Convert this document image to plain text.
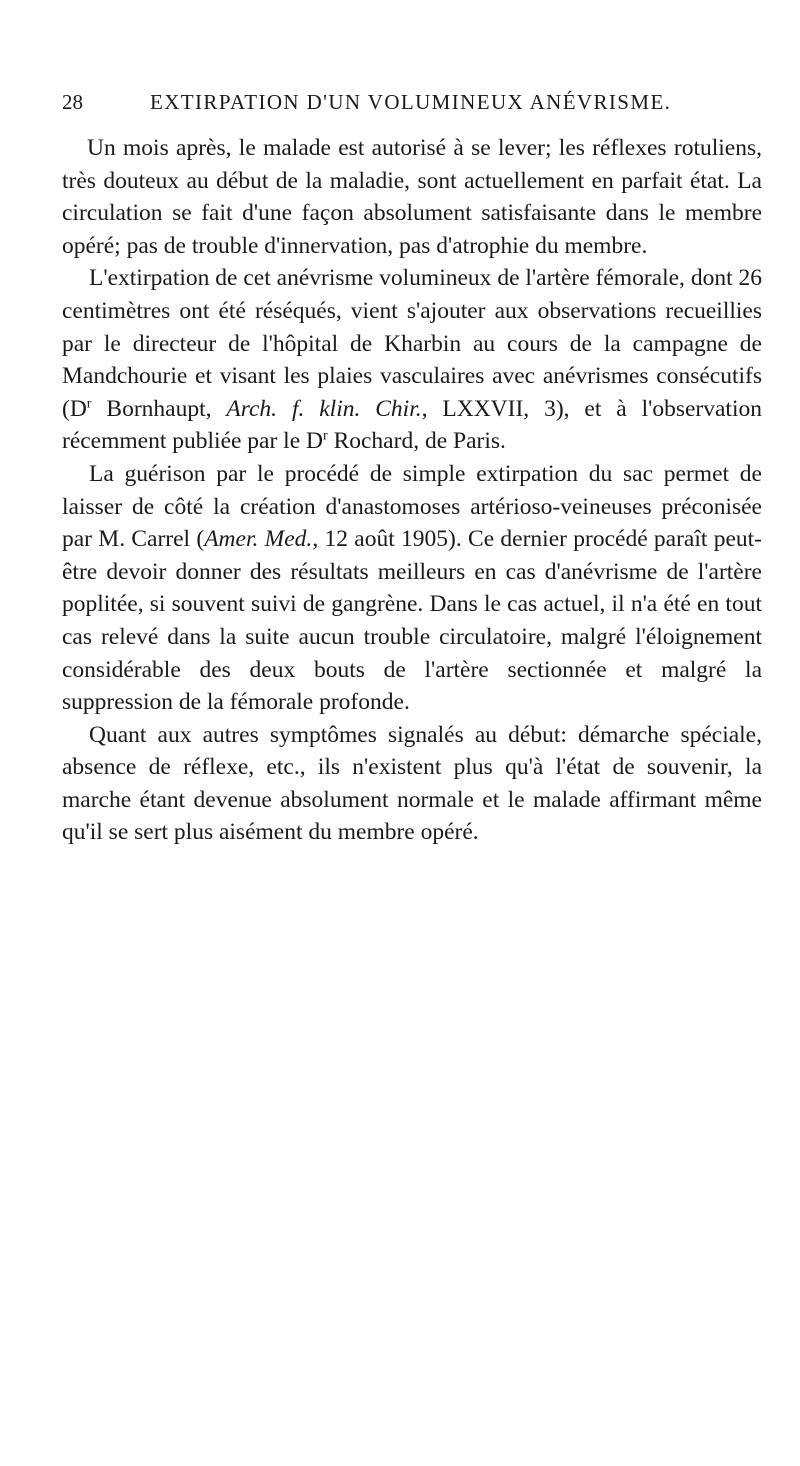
28	EXTIRPATION D'UN VOLUMINEUX ANÉVRISME.

Un mois après, le malade est autorisé à se lever; les réflexes rotuliens, très douteux au début de la maladie, sont actuellement en parfait état. La circulation se fait d'une façon absolument satisfaisante dans le membre opéré; pas de trouble d'innervation, pas d'atrophie du membre.

L'extirpation de cet anévrisme volumineux de l'artère fémorale, dont 26 centimètres ont été réséqués, vient s'ajouter aux observations recueillies par le directeur de l'hôpital de Kharbin au cours de la campagne de Mandchourie et visant les plaies vasculaires avec anévrismes consécutifs ($D^r$ Bornhaupt, Arch. f. klin. Chir., LXXVII, 3), et à l'observation récemment publiée par le $D^r$ Rochard, de Paris.

La guérison par le procédé de simple extirpation du sac permet de laisser de côté la création d'anastomoses artérioso-veineuses préconisée par M. Carrel (Amer. Med., 12 août 1905). Ce dernier procédé paraît peut-être devoir donner des résultats meilleurs en cas d'anévrisme de l'artère poplitée, si souvent suivi de gangrène. Dans le cas actuel, il n'a été en tout cas relevé dans la suite aucun trouble circulatoire, malgré l'éloignement considérable des deux bouts de l'artère sectionnée et malgré la suppression de la fémorale profonde.

Quant aux autres symptômes signalés au début: démarche spéciale, absence de réflexe, etc., ils n'existent plus qu'à l'état de souvenir, la marche étant devenue absolument normale et le malade affirmant même qu'il se sert plus aisément du membre opéré.
